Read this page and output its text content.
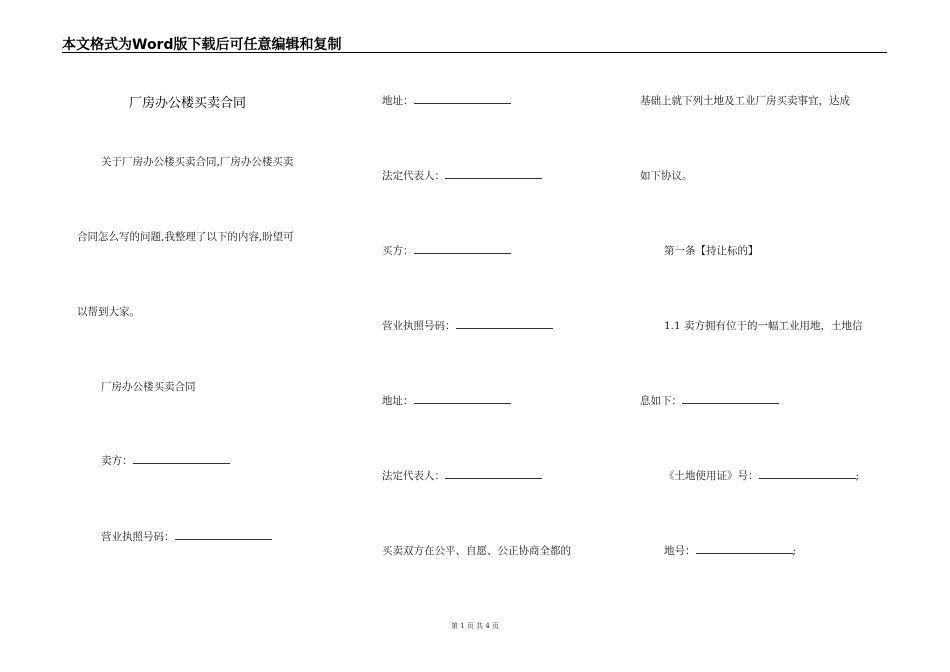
本文格式为Word版下载后可任意编辑和复制
厂房办公楼买卖合同
关于厂房办公楼买卖合同,厂房办公楼买卖
合同怎么写的问题,我整理了以下的内容,盼望可
以帮到大家。
厂房办公楼买卖合同
卖方：
营业执照号码：
地址：
法定代表人：
买方：
营业执照号码：
地址：
法定代表人：
买卖双方在公平、自愿、公正协商全都的
基础上就下列土地及工业厂房买卖事宜，达成
如下协议。
第一条【持让标的】
1.1 卖方拥有位于的一幅工业用地，土地信
息如下：
《土地使用证》号：	;
地号：	;
第 1 页 共 4 页
